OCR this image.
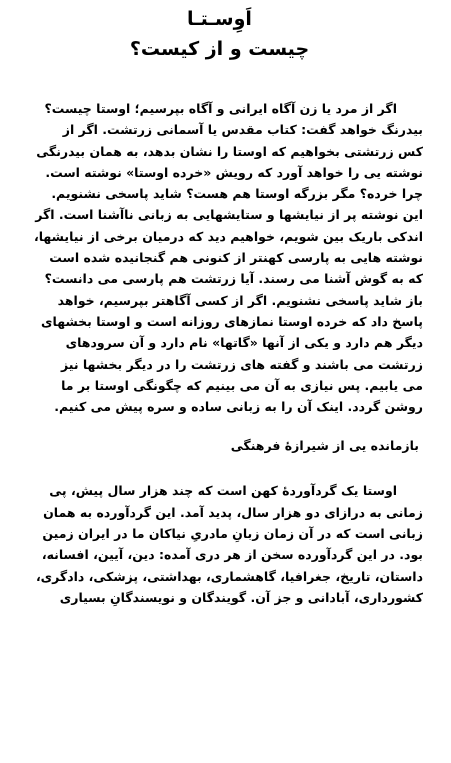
اَوِسـتـا
چیست و از کیست؟

اگر از مرد یا زن آگاه ایرانی و آگاه بپرسیم؛ اوستا چیست؟
بیدرنگ خواهد گفت: کتاب مقدس یا آسمانی زرتشت. اگر از
کس زرتشتی بخواهیم که اوستا را نشان بدهد، به همان بیدرنگی
نوشته یی را خواهد آورد که رویش «خرده اوستا» نوشته است.
چرا خرده؟ مگر بزرگه اوستا هم هست؟ شاید پاسخی نشنویم.
این نوشته پر از نیایشها و ستایشهایی به زبانی ناآشنا است. اگر
اندکی باریک بین شویم، خواهیم دید که درمیان برخی از نیایشها،
نوشته هایی به پارسی کهنتر از کنونی هم گنجانیده شده است
که به گوش آشنا می رسند. آیا زرتشت هم پارسی می دانست؟
باز شاید پاسخی نشنویم. اگر از کسی آگاهتر بپرسیم، خواهد
پاسخ داد که خرده اوستا نمازهای روزانه است و اوستا بخشهای
دیگر هم دارد و یکی از آنها «گاتها» نام دارد و آن سرودهای
زرتشت می باشند و گفته های زرتشت را در دیگر بخشها نیز
می یابیم. پس نیازی به آن می بینیم که چگونگی اوستا بر ما
روشن گردد. اینک آن را به زبانی ساده و سره پیش می کنیم.

بازمانده یی از شیرازهٔ فرهنگی

اوستا یک گردآوردهٔ کهن است که چند هزار سال پیش، پی
زمانی به درازای دو هزار سال، پدید آمد. این گردآورده به همان
زبانی است که در آن زمان زبانِ مادریِ نیاکان ما در ایران زمین
بود. در این گردآورده سخن از هر دری آمده: دین، آیین، افسانه،
داستان، تاریخ، جغرافیا، گاهشماری، بهداشتی، پزشکی، دادگری،
کشورداری، آبادانی و جز آن. گویندگان و نویسندگانِ بسیاری
